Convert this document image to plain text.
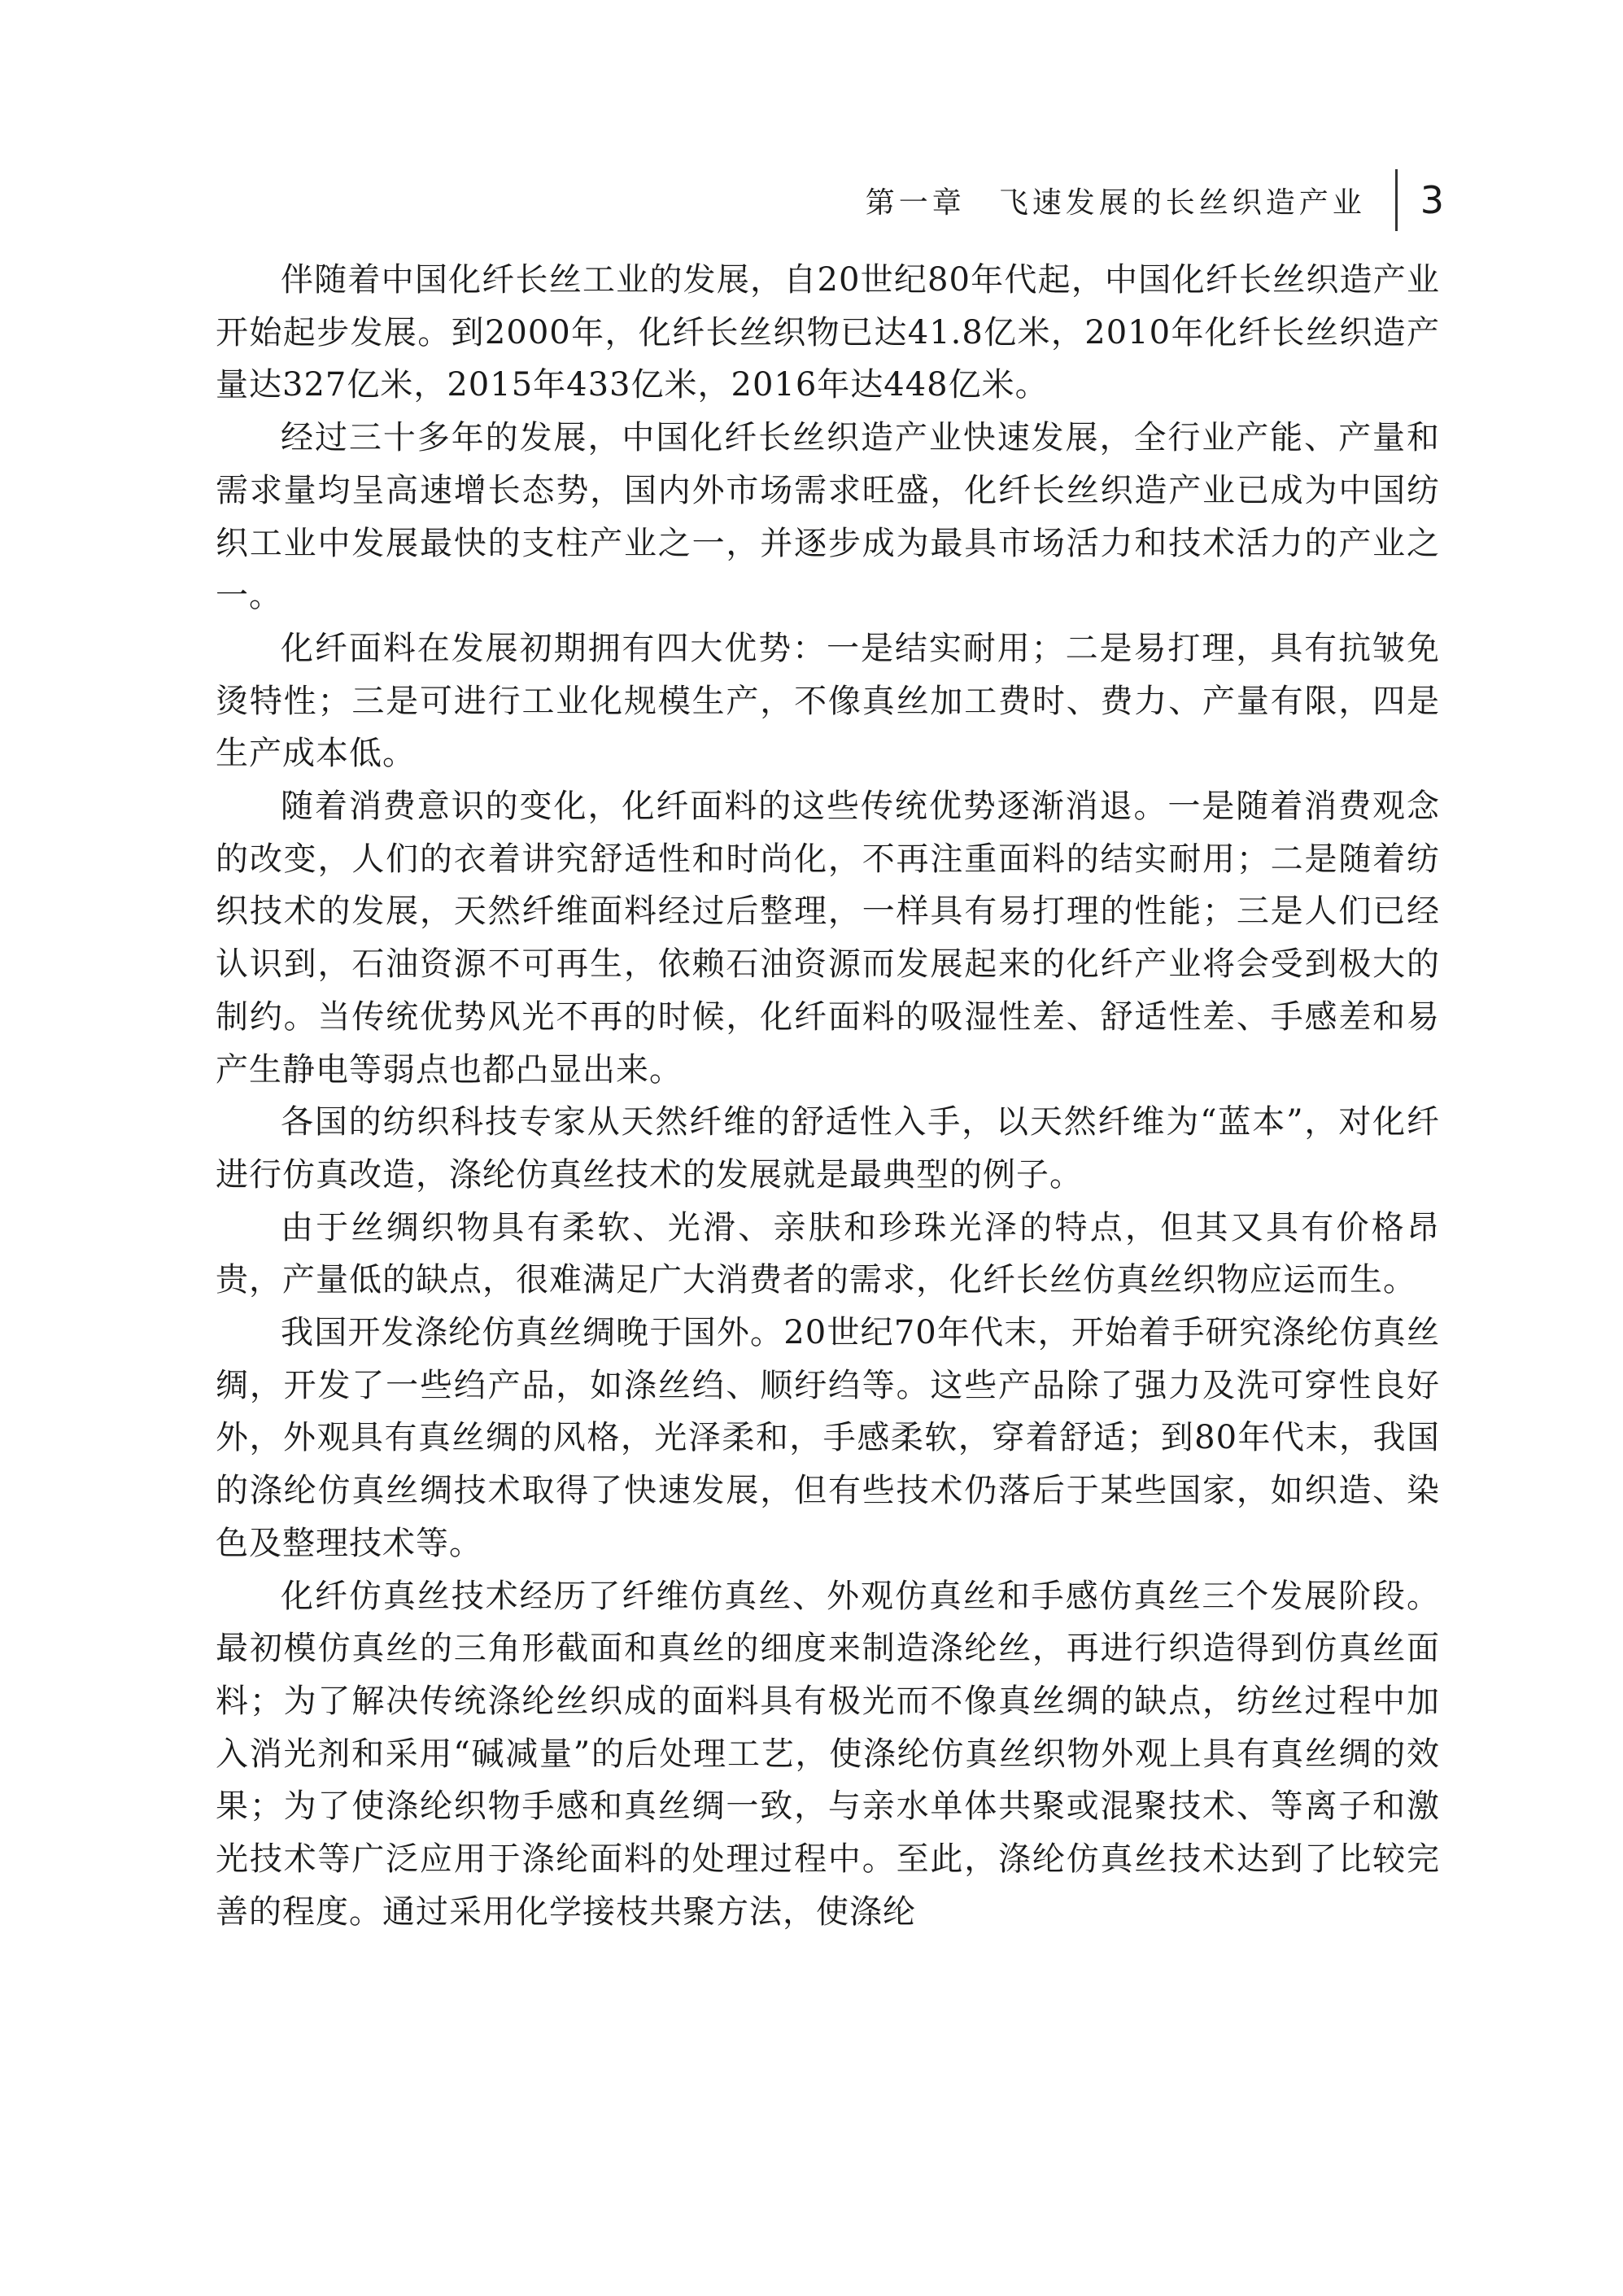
第一章　飞速发展的长丝织造产业	3

伴随着中国化纤长丝工业的发展，自20世纪80年代起，中国化纤长丝织造产业开始起步发展。到2000年，化纤长丝织物已达41.8亿米，2010年化纤长丝织造产量达327亿米，2015年433亿米，2016年达448亿米。

经过三十多年的发展，中国化纤长丝织造产业快速发展，全行业产能、产量和需求量均呈高速增长态势，国内外市场需求旺盛，化纤长丝织造产业已成为中国纺织工业中发展最快的支柱产业之一，并逐步成为最具市场活力和技术活力的产业之一。

化纤面料在发展初期拥有四大优势：一是结实耐用；二是易打理，具有抗皱免烫特性；三是可进行工业化规模生产，不像真丝加工费时、费力、产量有限，四是生产成本低。

随着消费意识的变化，化纤面料的这些传统优势逐渐消退。一是随着消费观念的改变，人们的衣着讲究舒适性和时尚化，不再注重面料的结实耐用；二是随着纺织技术的发展，天然纤维面料经过后整理，一样具有易打理的性能；三是人们已经认识到，石油资源不可再生，依赖石油资源而发展起来的化纤产业将会受到极大的制约。当传统优势风光不再的时候，化纤面料的吸湿性差、舒适性差、手感差和易产生静电等弱点也都凸显出来。

各国的纺织科技专家从天然纤维的舒适性入手，以天然纤维为“蓝本”，对化纤进行仿真改造，涤纶仿真丝技术的发展就是最典型的例子。

由于丝绸织物具有柔软、光滑、亲肤和珍珠光泽的特点，但其又具有价格昂贵，产量低的缺点，很难满足广大消费者的需求，化纤长丝仿真丝织物应运而生。

我国开发涤纶仿真丝绸晚于国外。20世纪70年代末，开始着手研究涤纶仿真丝绸，开发了一些绉产品，如涤丝绉、顺纡绉等。这些产品除了强力及洗可穿性良好外，外观具有真丝绸的风格，光泽柔和，手感柔软，穿着舒适；到80年代末，我国的涤纶仿真丝绸技术取得了快速发展，但有些技术仍落后于某些国家，如织造、染色及整理技术等。

化纤仿真丝技术经历了纤维仿真丝、外观仿真丝和手感仿真丝三个发展阶段。最初模仿真丝的三角形截面和真丝的细度来制造涤纶丝，再进行织造得到仿真丝面料；为了解决传统涤纶丝织成的面料具有极光而不像真丝绸的缺点，纺丝过程中加入消光剂和采用“碱减量”的后处理工艺，使涤纶仿真丝织物外观上具有真丝绸的效果；为了使涤纶织物手感和真丝绸一致，与亲水单体共聚或混聚技术、等离子和激光技术等广泛应用于涤纶面料的处理过程中。至此，涤纶仿真丝技术达到了比较完善的程度。通过采用化学接枝共聚方法，使涤纶
